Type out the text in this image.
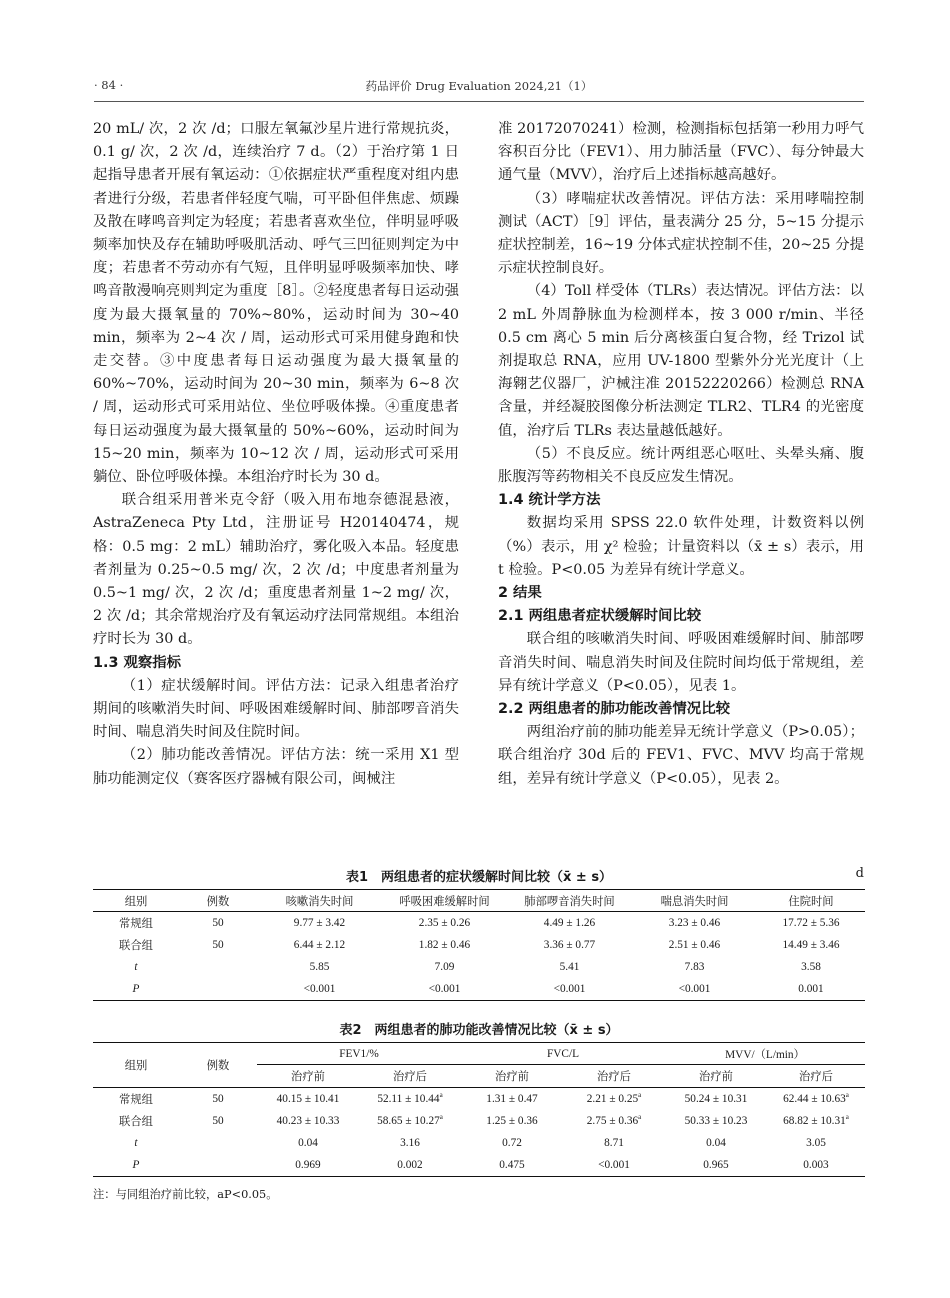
· 84 ·	药品评价 Drug Evaluation 2024,21（1）

20 mL/ 次，2 次 /d；口服左氧氟沙星片进行常规抗炎，0.1 g/ 次，2 次 /d，连续治疗 7 d。（2）于治疗第 1 日起指导患者开展有氧运动：①依据症状严重程度对组内患者进行分级，若患者伴轻度气喘，可平卧但伴焦虑、烦躁及散在哮鸣音判定为轻度；若患者喜欢坐位，伴明显呼吸频率加快及存在辅助呼吸肌活动、呼气三凹征则判定为中度；若患者不劳动亦有气短，且伴明显呼吸频率加快、哮鸣音散漫响亮则判定为重度［8］。②轻度患者每日运动强度为最大摄氧量的 70%~80%，运动时间为 30~40 min，频率为 2~4 次 / 周，运动形式可采用健身跑和快走交替。③中度患者每日运动强度为最大摄氧量的 60%~70%，运动时间为 20~30 min，频率为 6~8 次 / 周，运动形式可采用站位、坐位呼吸体操。④重度患者每日运动强度为最大摄氧量的 50%~60%，运动时间为 15~20 min，频率为 10~12 次 / 周，运动形式可采用躺位、卧位呼吸体操。本组治疗时长为 30 d。

联合组采用普米克令舒（吸入用布地奈德混悬液，AstraZeneca Pty Ltd，注册证号 H20140474，规格：0.5 mg：2 mL）辅助治疗，雾化吸入本品。轻度患者剂量为 0.25~0.5 mg/ 次，2 次 /d；中度患者剂量为 0.5~1 mg/ 次，2 次 /d；重度患者剂量 1~2 mg/ 次，2 次 /d；其余常规治疗及有氧运动疗法同常规组。本组治疗时长为 30 d。

1.3 观察指标

（1）症状缓解时间。评估方法：记录入组患者治疗期间的咳嗽消失时间、呼吸困难缓解时间、肺部啰音消失时间、喘息消失时间及住院时间。

（2）肺功能改善情况。评估方法：统一采用 X1 型肺功能测定仪（赛客医疗器械有限公司，闽械注

准 20172070241）检测，检测指标包括第一秒用力呼气容积百分比（FEV1）、用力肺活量（FVC）、每分钟最大通气量（MVV），治疗后上述指标越高越好。

（3）哮喘症状改善情况。评估方法：采用哮喘控制测试（ACT）［9］评估，量表满分 25 分，5~15 分提示症状控制差，16~19 分体式症状控制不佳，20~25 分提示症状控制良好。

（4）Toll 样受体（TLRs）表达情况。评估方法：以 2 mL 外周静脉血为检测样本，按 3 000 r/min、半径 0.5 cm 离心 5 min 后分离核蛋白复合物，经 Trizol 试剂提取总 RNA，应用 UV-1800 型紫外分光光度计（上海翱艺仪器厂，沪械注准 20152220266）检测总 RNA 含量，并经凝胶图像分析法测定 TLR2、TLR4 的光密度值，治疗后 TLRs 表达量越低越好。

（5）不良反应。统计两组恶心呕吐、头晕头痛、腹胀腹泻等药物相关不良反应发生情况。

1.4 统计学方法

数据均采用 SPSS 22.0 软件处理，计数资料以例（%）表示，用 χ² 检验；计量资料以（x̄ ± s）表示，用 t 检验。P<0.05 为差异有统计学意义。

2 结果
2.1 两组患者症状缓解时间比较

联合组的咳嗽消失时间、呼吸困难缓解时间、肺部啰音消失时间、喘息消失时间及住院时间均低于常规组，差异有统计学意义（P<0.05），见表 1。

2.2 两组患者的肺功能改善情况比较

两组治疗前的肺功能差异无统计学意义（P>0.05）；联合组治疗 30d 后的 FEV1、FVC、MVV 均高于常规组，差异有统计学意义（P<0.05），见表 2。

表1　两组患者的症状缓解时间比较（x̄ ± s）	d
组别	例数	咳嗽消失时间	呼吸困难缓解时间	肺部啰音消失时间	喘息消失时间	住院时间
常规组	50	9.77 ± 3.42	2.35 ± 0.26	4.49 ± 1.26	3.23 ± 0.46	17.72 ± 5.36
联合组	50	6.44 ± 2.12	1.82 ± 0.46	3.36 ± 0.77	2.51 ± 0.46	14.49 ± 3.46
t		5.85	7.09	5.41	7.83	3.58
P		<0.001	<0.001	<0.001	<0.001	0.001
表2　两组患者的肺功能改善情况比较（x̄ ± s）
组别	例数	FEV1/%		FVC/L		MVV/（L/min）	
		治疗前	治疗后	治疗前	治疗后	治疗前	治疗后
常规组	50	40.15 ± 10.41	52.11 ± 10.44$^a$	1.31 ± 0.47	2.21 ± 0.25$^a$	50.24 ± 10.31	62.44 ± 10.63$^a$
联合组	50	40.23 ± 10.33	58.65 ± 10.27$^a$	1.25 ± 0.36	2.75 ± 0.36$^a$	50.33 ± 10.23	68.82 ± 10.31$^a$
t		0.04	3.16	0.72	8.71	0.04	3.05
P		0.969	0.002	0.475	<0.001	0.965	0.003
注：与同组治疗前比较，aP<0.05。
